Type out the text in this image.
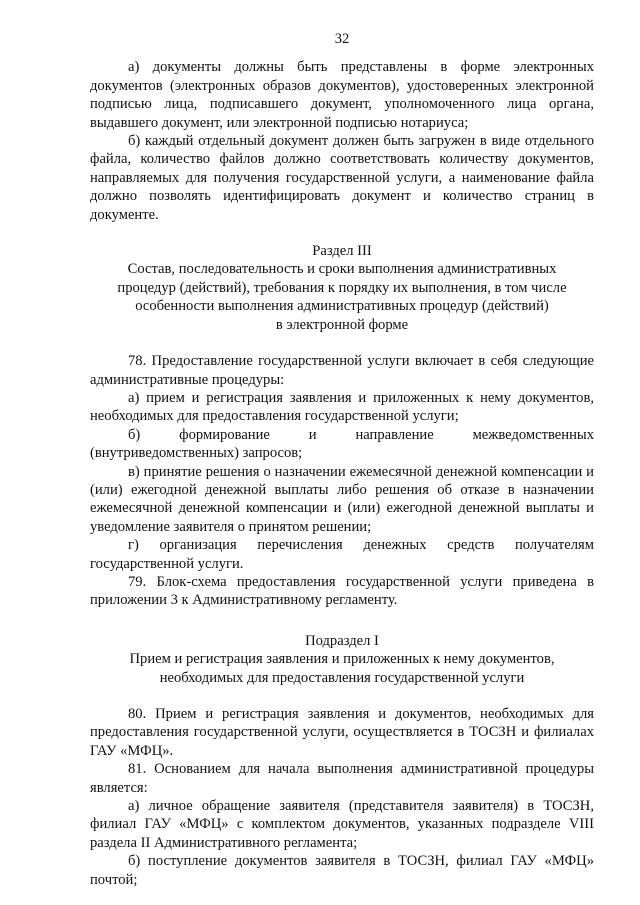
32

а) документы должны быть представлены в форме электронных документов (электронных образов документов), удостоверенных электронной подписью лица, подписавшего документ, уполномоченного лица органа, выдавшего документ, или электронной подписью нотариуса;

б) каждый отдельный документ должен быть загружен в виде отдельного файла, количество файлов должно соответствовать количеству документов, направляемых для получения государственной услуги, а наименование файла должно позволять идентифицировать документ и количество страниц в документе.

Раздел III

Состав, последовательность и сроки выполнения административных

процедур (действий), требования к порядку их выполнения, в том числе

особенности выполнения административных процедур (действий)

в электронной форме

78. Предоставление государственной услуги включает в себя следующие административные процедуры:

а) прием и регистрация заявления и приложенных к нему документов, необходимых для предоставления государственной услуги;

б) формирование и направление межведомственных (внутриведомственных) запросов;

в) принятие решения о назначении ежемесячной денежной компенсации и (или) ежегодной денежной выплаты либо решения об отказе в назначении ежемесячной денежной компенсации и (или) ежегодной денежной выплаты и уведомление заявителя о принятом решении;

г) организация перечисления денежных средств получателям государственной услуги.

79. Блок-схема предоставления государственной услуги приведена в приложении 3 к Административному регламенту.

Подраздел I

Прием и регистрация заявления и приложенных к нему документов,

необходимых для предоставления государственной услуги

80. Прием и регистрация заявления и документов, необходимых для предоставления государственной услуги, осуществляется в ТОСЗН и филиалах ГАУ «МФЦ».

81. Основанием для начала выполнения административной процедуры является:

а) личное обращение заявителя (представителя заявителя) в ТОСЗН, филиал ГАУ «МФЦ» с комплектом документов, указанных подразделе VIII раздела II Административного регламента;

б) поступление документов заявителя в ТОСЗН, филиал ГАУ «МФЦ» почтой;
